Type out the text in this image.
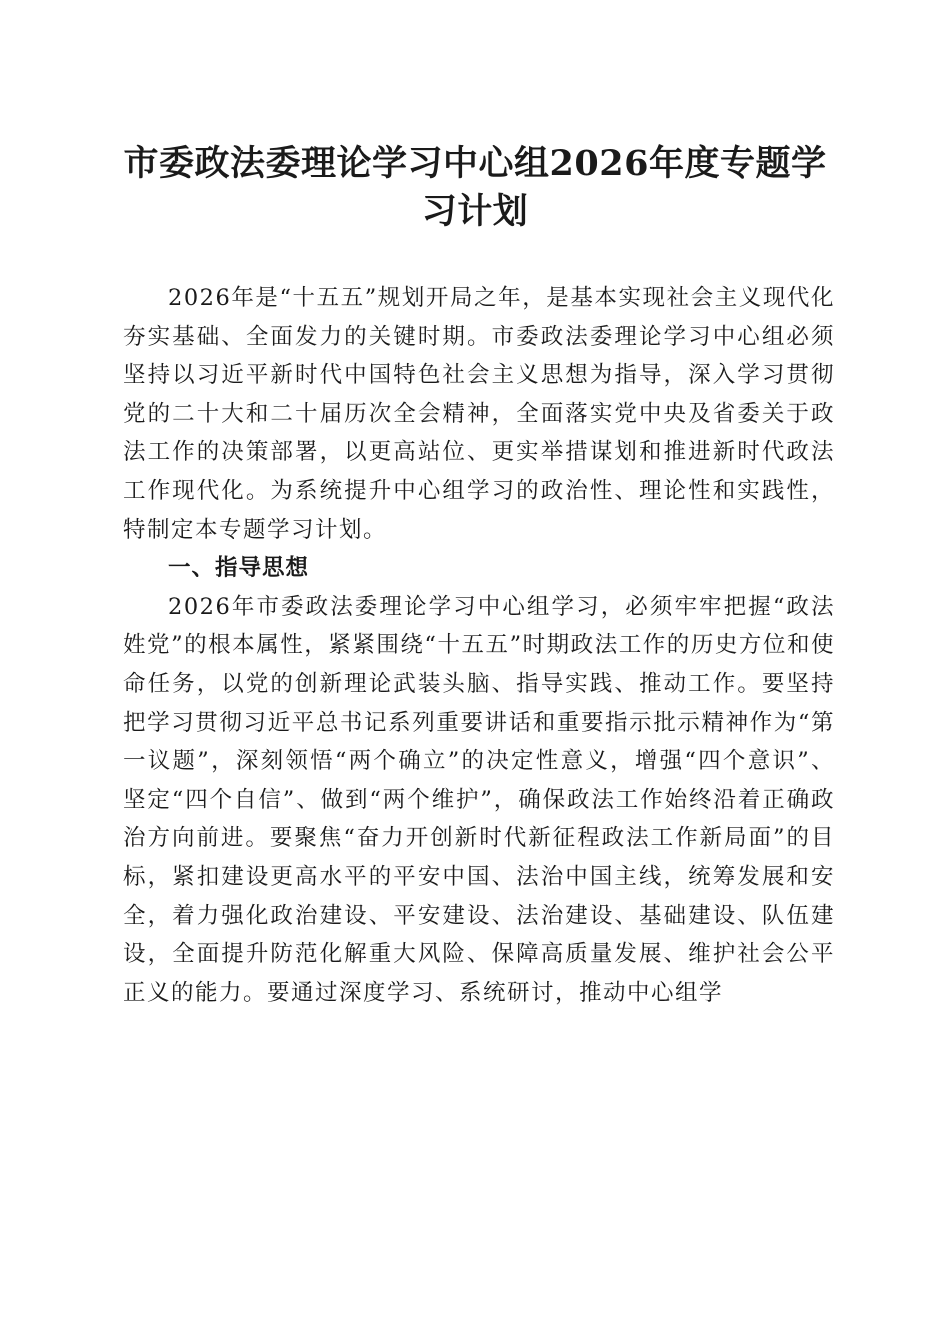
市委政法委理论学习中心组2026年度专题学习计划

2026年是“十五五”规划开局之年，是基本实现社会主义现代化夯实基础、全面发力的关键时期。市委政法委理论学习中心组必须坚持以习近平新时代中国特色社会主义思想为指导，深入学习贯彻党的二十大和二十届历次全会精神，全面落实党中央及省委关于政法工作的决策部署，以更高站位、更实举措谋划和推进新时代政法工作现代化。为系统提升中心组学习的政治性、理论性和实践性，特制定本专题学习计划。

一、指导思想

2026年市委政法委理论学习中心组学习，必须牢牢把握“政法姓党”的根本属性，紧紧围绕“十五五”时期政法工作的历史方位和使命任务，以党的创新理论武装头脑、指导实践、推动工作。要坚持把学习贯彻习近平总书记系列重要讲话和重要指示批示精神作为“第一议题”，深刻领悟“两个确立”的决定性意义，增强“四个意识”、坚定“四个自信”、做到“两个维护”，确保政法工作始终沿着正确政治方向前进。要聚焦“奋力开创新时代新征程政法工作新局面”的目标，紧扣建设更高水平的平安中国、法治中国主线，统筹发展和安全，着力强化政治建设、平安建设、法治建设、基础建设、队伍建设，全面提升防范化解重大风险、保障高质量发展、维护社会公平正义的能力。要通过深度学习、系统研讨，推动中心组学
